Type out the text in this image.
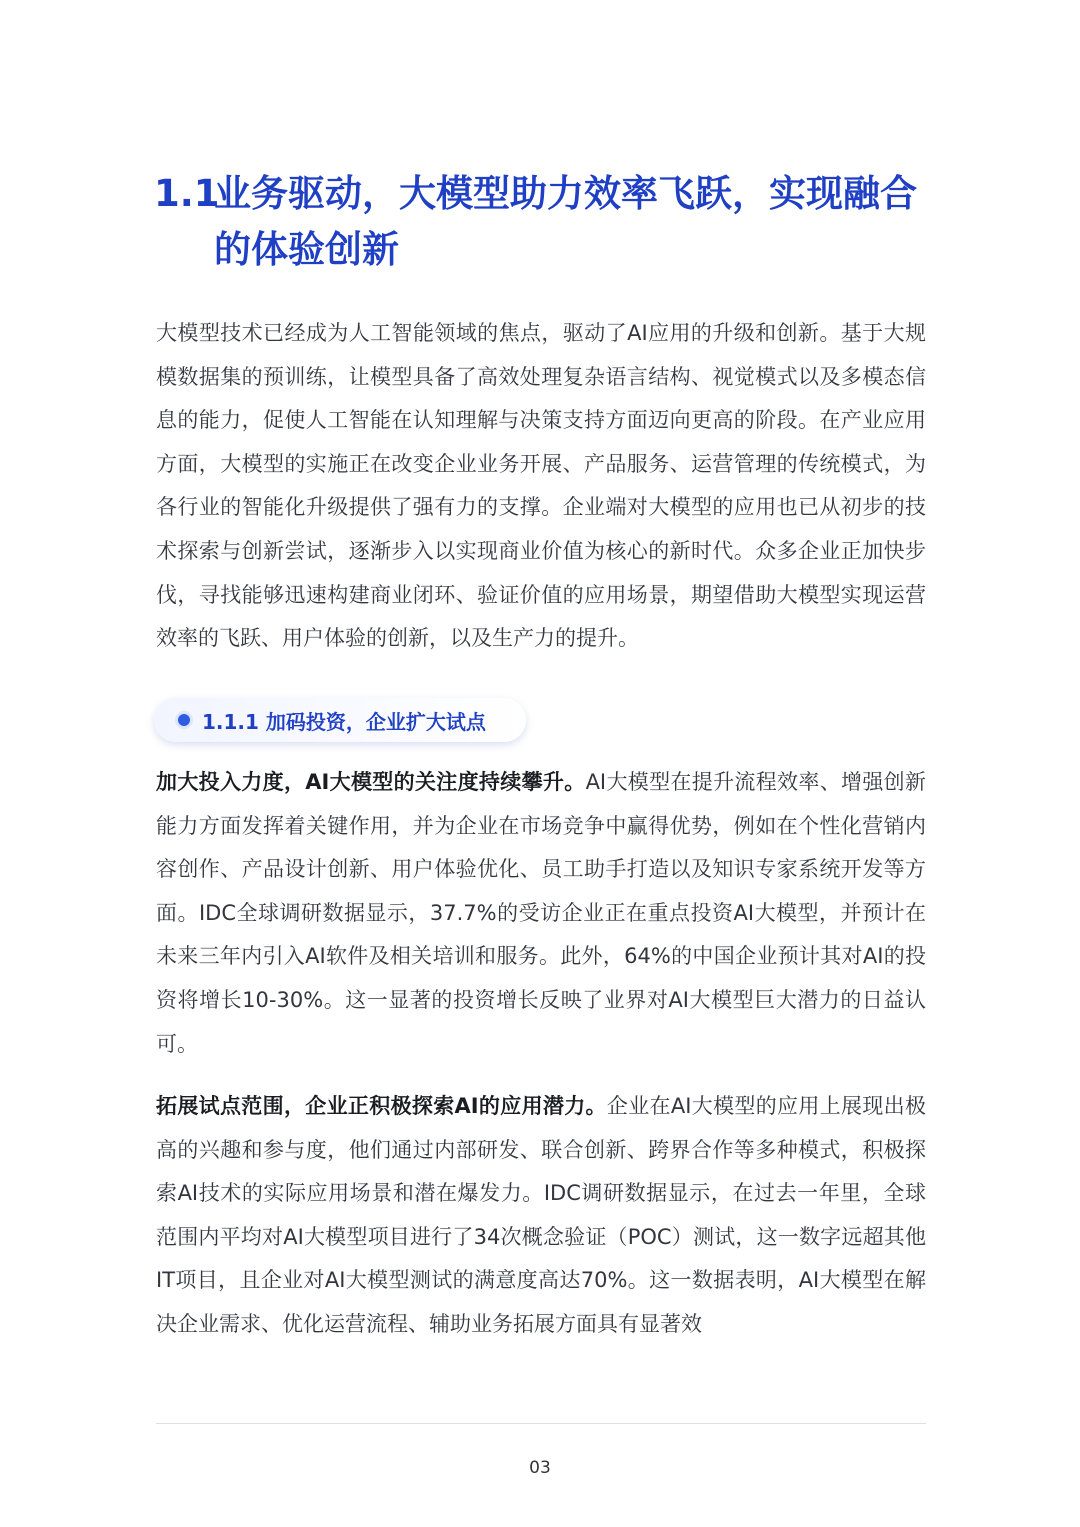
1.1业务驱动，大模型助力效率飞跃，实现融合
的体验创新

大模型技术已经成为人工智能领域的焦点，驱动了AI应用的升级和创新。基于大规模数据集的预训练，让模型具备了高效处理复杂语言结构、视觉模式以及多模态信息的能力，促使人工智能在认知理解与决策支持方面迈向更高的阶段。在产业应用方面，大模型的实施正在改变企业业务开展、产品服务、运营管理的传统模式，为各行业的智能化升级提供了强有力的支撑。企业端对大模型的应用也已从初步的技术探索与创新尝试，逐渐步入以实现商业价值为核心的新时代。众多企业正加快步伐，寻找能够迅速构建商业闭环、验证价值的应用场景，期望借助大模型实现运营效率的飞跃、用户体验的创新，以及生产力的提升。

1.1.1 加码投资，企业扩大试点

加大投入力度，AI大模型的关注度持续攀升。AI大模型在提升流程效率、增强创新能力方面发挥着关键作用，并为企业在市场竞争中赢得优势，例如在个性化营销内容创作、产品设计创新、用户体验优化、员工助手打造以及知识专家系统开发等方面。IDC全球调研数据显示，37.7%的受访企业正在重点投资AI大模型，并预计在未来三年内引入AI软件及相关培训和服务。此外，64%的中国企业预计其对AI的投资将增长10-30%。这一显著的投资增长反映了业界对AI大模型巨大潜力的日益认可。

拓展试点范围，企业正积极探索AI的应用潜力。企业在AI大模型的应用上展现出极高的兴趣和参与度，他们通过内部研发、联合创新、跨界合作等多种模式，积极探索AI技术的实际应用场景和潜在爆发力。IDC调研数据显示，在过去一年里，全球范围内平均对AI大模型项目进行了34次概念验证（POC）测试，这一数字远超其他IT项目，且企业对AI大模型测试的满意度高达70%。这一数据表明，AI大模型在解决企业需求、优化运营流程、辅助业务拓展方面具有显著效

03
